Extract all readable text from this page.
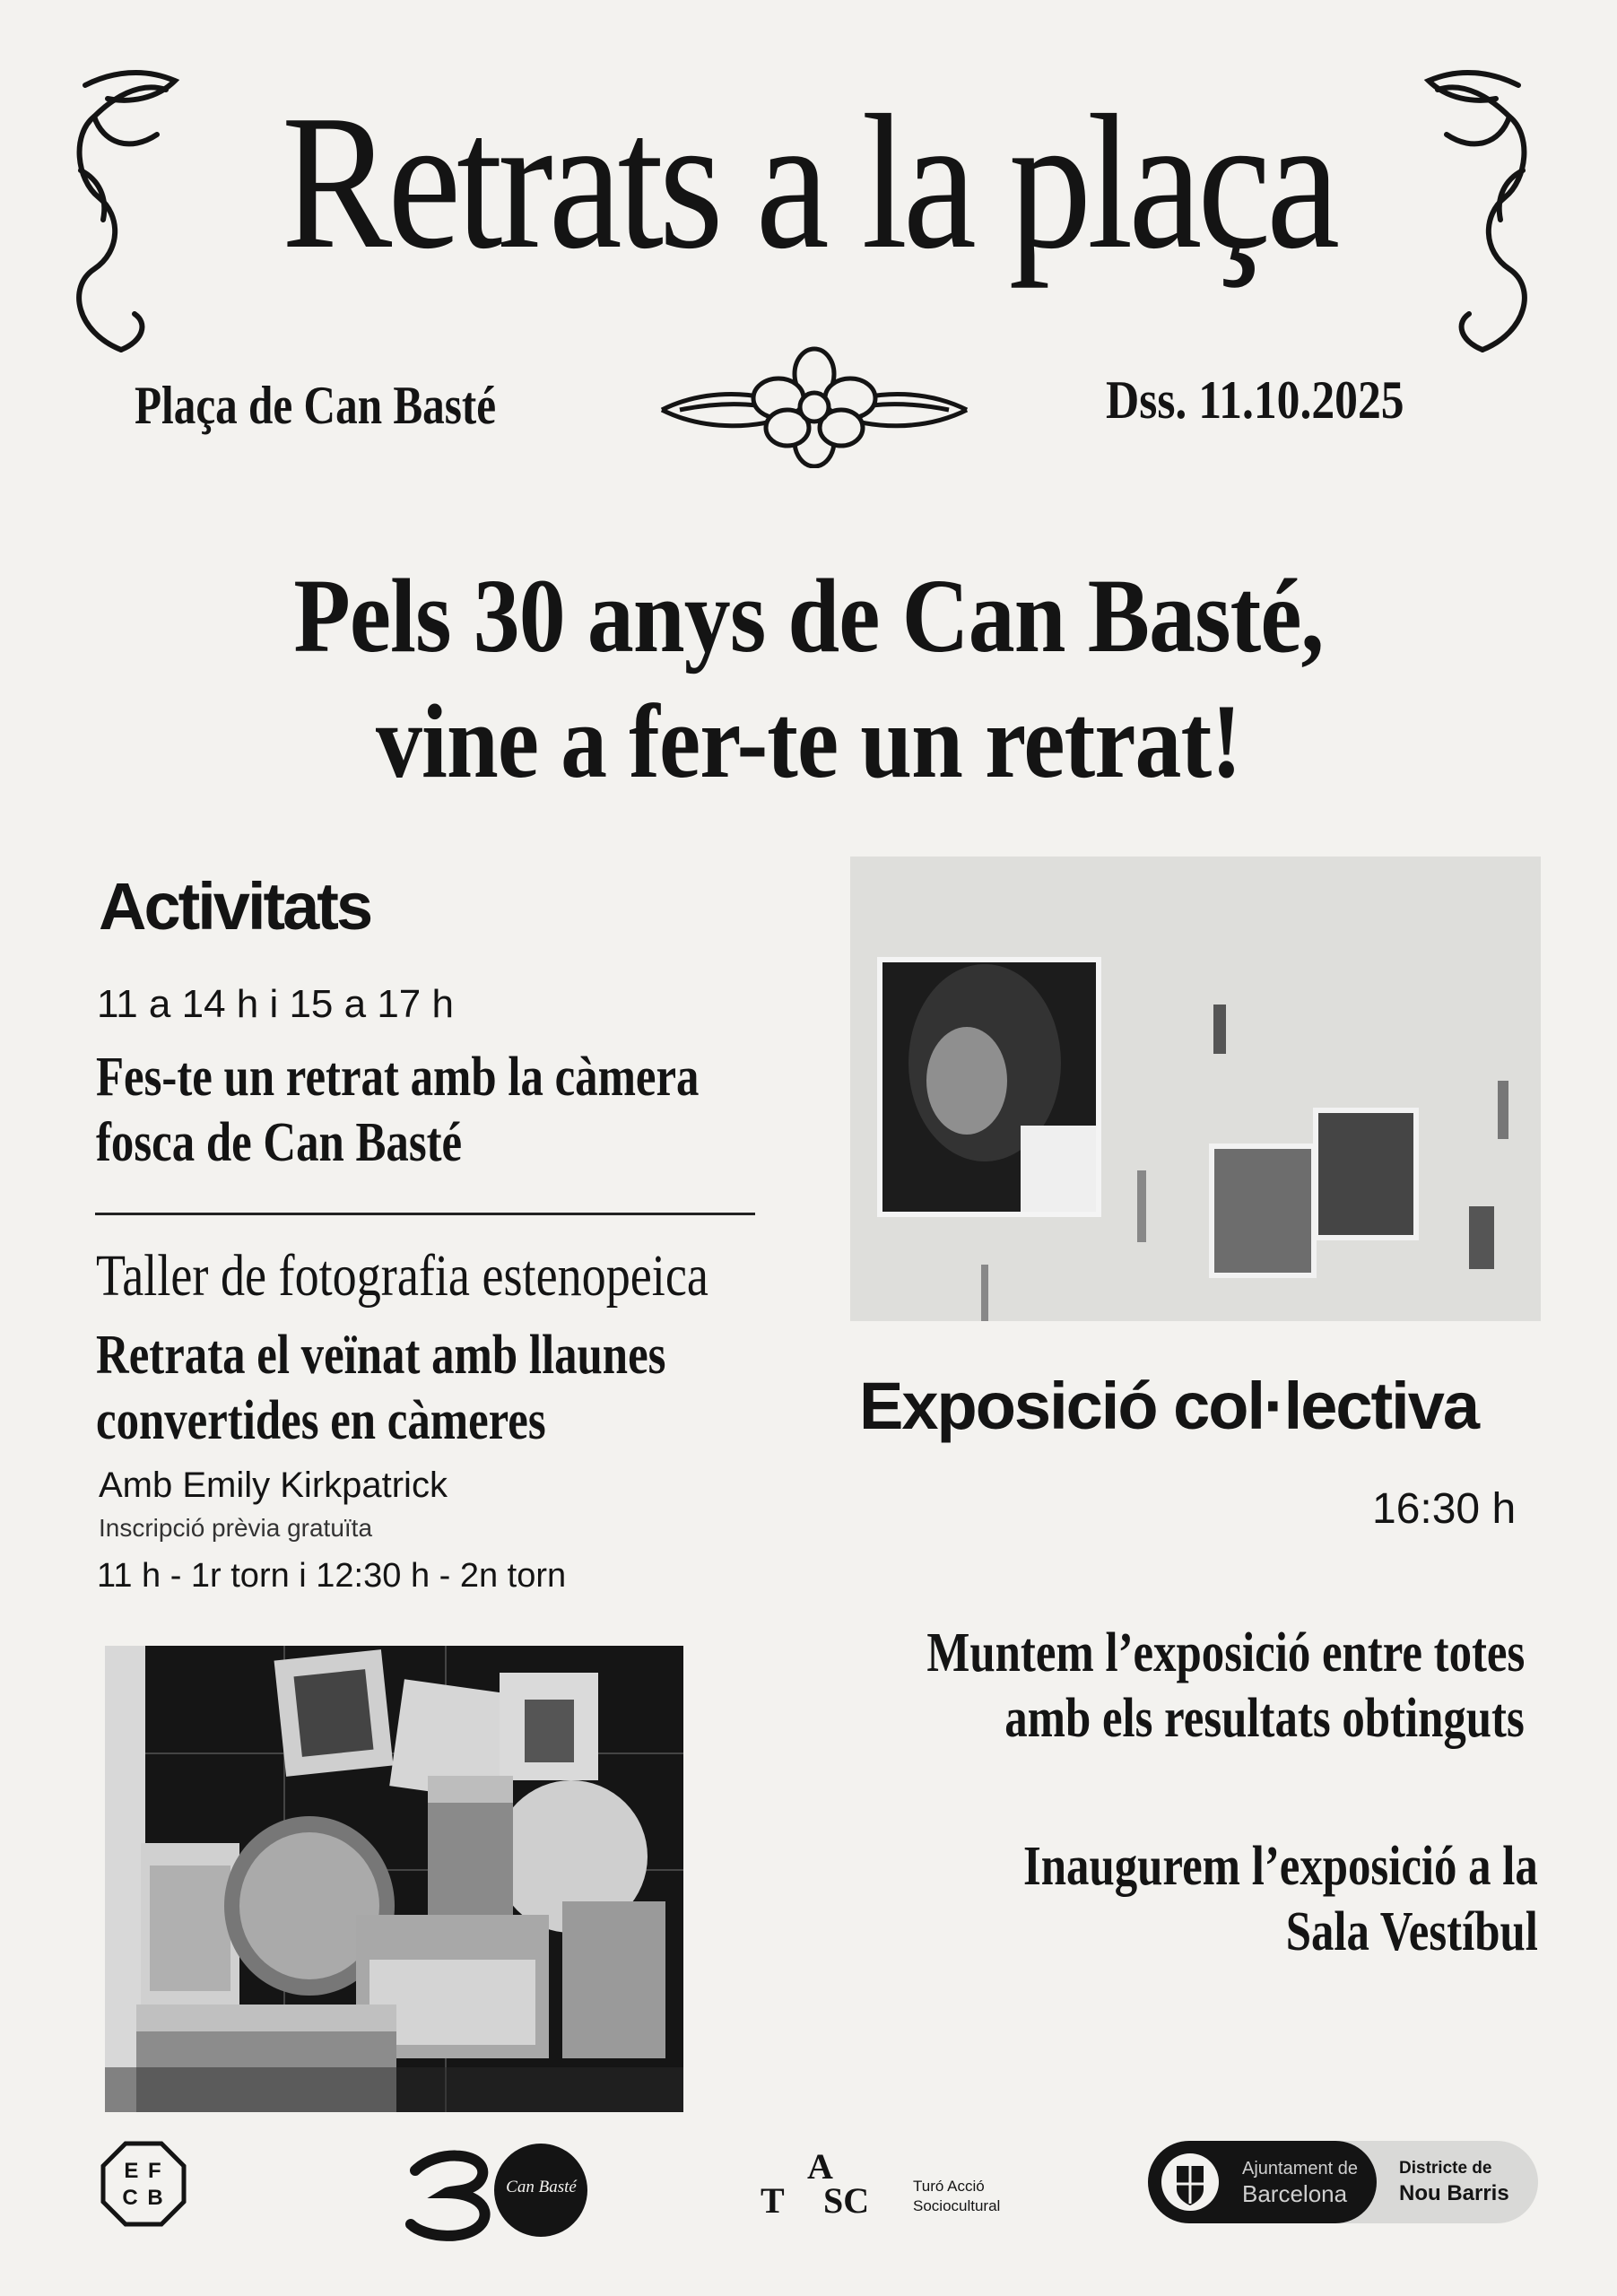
Retrats a la plaça
Plaça de Can Basté	Dss. 11.10.2025
Pels 30 anys de Can Basté,
vine a fer-te un retrat!
Activitats
11 a 14 h i 15 a 17 h
Fes-te un retrat amb la càmera
fosca de Can Basté
Taller de fotografia estenopeica
Retrata el veïnat amb llaunes
convertides en càmeres
Amb Emily Kirkpatrick
Inscripció prèvia gratuïta
11 h - 1r torn i 12:30 h - 2n torn
Exposició col·lectiva
16:30 h
Muntem l’exposició entre totes
amb els resultats obtinguts
Inaugurem l’exposició a la
Sala Vestíbul
E F
C B	Can Basté
A
T SC	Turó Acció
Sociocultural
Ajuntament de
Barcelona
Districte de
Nou Barris
